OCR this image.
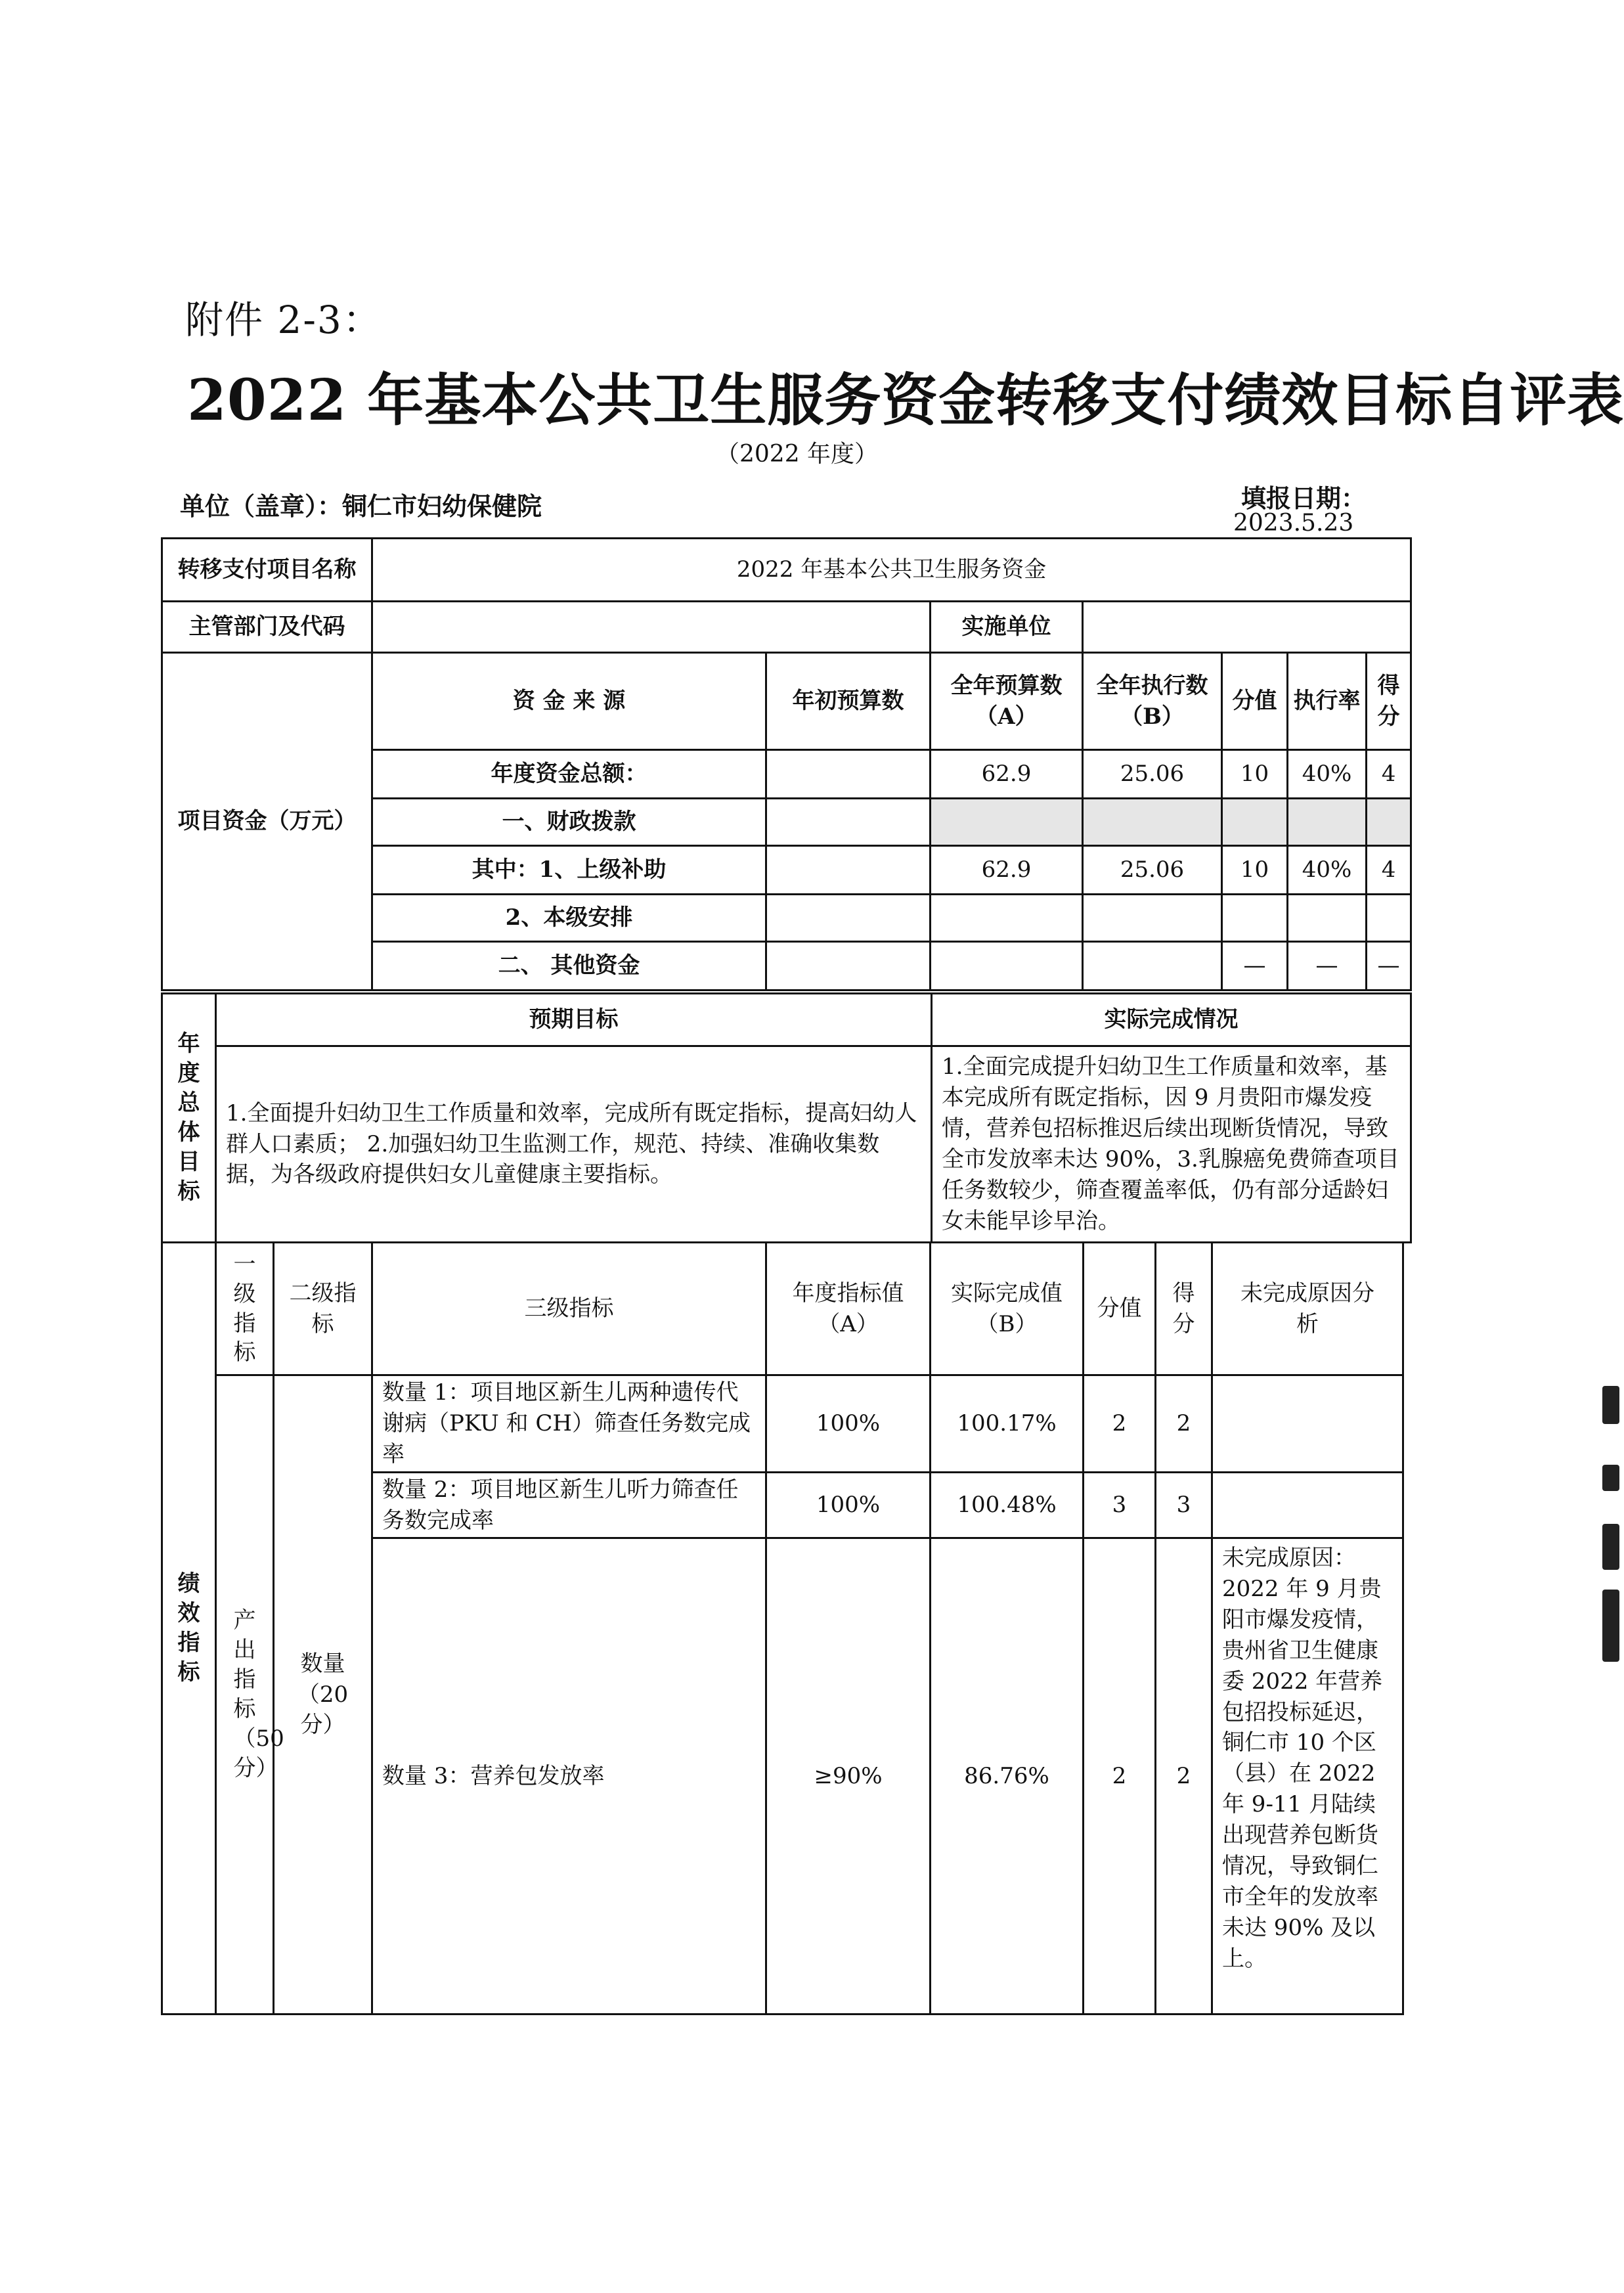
附件 2-3：
2022 年基本公共卫生服务资金转移支付绩效目标自评表
（2022 年度）
单位（盖章）：铜仁市妇幼保健院	填报日期：
2023.5.23
转移支付项目名称	2022 年基本公共卫生服务资金						
主管部门及代码			实施单位				
项目资金（万元）	资 金 来 源	年初预算数	全年预算数（A）	全年执行数（B）	分值	执行率	得分
	年度资金总额：		62.9	25.06	10	40%	4
	一、财政拨款						
	其中：1、上级补助		62.9	25.06	10	40%	4
	2、本级安排						
	二、 其他资金				—	—	—
年度总体目标	预期目标	实际完成情况
	1.全面提升妇幼卫生工作质量和效率，完成所有既定指标，提高妇幼人群人口素质； 2.加强妇幼卫生监测工作，规范、持续、准确收集数据，为各级政府提供妇女儿童健康主要指标。	1.全面完成提升妇幼卫生工作质量和效率，基本完成所有既定指标，因 9 月贵阳市爆发疫情，营养包招标推迟后续出现断货情况，导致全市发放率未达 90%，3.乳腺癌免费筛查项目任务数较少，筛查覆盖率低，仍有部分适龄妇女未能早诊早治。
绩效指标	一级指标	二级指标	三级指标	年度指标值（A）	实际完成值（B）	分值	得分	未完成原因分析

	产出指标（50分）	数量（20分）	数量 1：项目地区新生儿两种遗传代谢病（PKU 和 CH）筛查任务数完成率	100%	100.17%	2	2	
			数量 2：项目地区新生儿听力筛查任务数完成率	100%	100.48%	3	3	
			数量 3：营养包发放率	≥90%	86.76%	2	2	未完成原因：2022 年 9 月贵阳市爆发疫情，贵州省卫生健康委 2022 年营养包招投标延迟，铜仁市 10 个区（县）在 2022 年 9-11 月陆续出现营养包断货情况，导致铜仁市全年的发放率未达 90% 及以上。
